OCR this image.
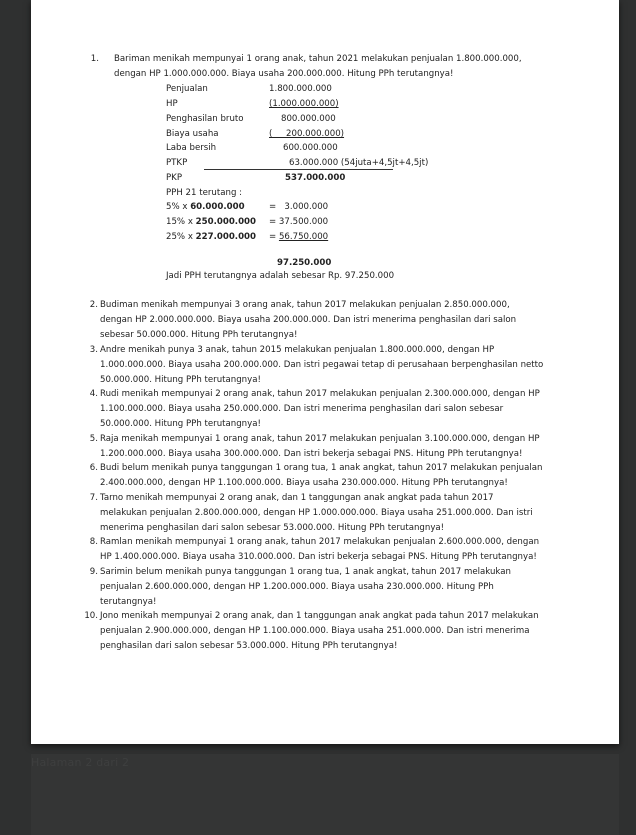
1. Bariman menikah mempunyai 1 orang anak, tahun 2021 melakukan penjualan 1.800.000.000,
dengan HP 1.000.000.000. Biaya usaha 200.000.000. Hitung PPh terutangnya!
Penjualan	1.800.000.000
HP	(1.000.000.000)
Penghasilan bruto	800.000.000
Biaya usaha	(     200.000.000)
Laba bersih	600.000.000
PTKP	63.000.000 (54juta+4,5jt+4,5jt)
PKP	537.000.000
PPH 21 terutang :
5% x 60.000.000	=   3.000.000
15% x 250.000.000 = 37.500.000
25% x 227.000.000 = 56.750.000
97.250.000
Jadi PPH terutangnya adalah sebesar Rp. 97.250.000
2. Budiman menikah mempunyai 3 orang anak, tahun 2017 melakukan penjualan 2.850.000.000,
dengan HP 2.000.000.000. Biaya usaha 200.000.000. Dan istri menerima penghasilan dari salon
sebesar 50.000.000. Hitung PPh terutangnya!
3. Andre menikah punya 3 anak, tahun 2015 melakukan penjualan 1.800.000.000, dengan HP
1.000.000.000. Biaya usaha 200.000.000. Dan istri pegawai tetap di perusahaan berpenghasilan netto
50.000.000. Hitung PPh terutangnya!
4. Rudi menikah mempunyai 2 orang anak, tahun 2017 melakukan penjualan 2.300.000.000, dengan HP
1.100.000.000. Biaya usaha 250.000.000. Dan istri menerima penghasilan dari salon sebesar
50.000.000. Hitung PPh terutangnya!
5. Raja menikah mempunyai 1 orang anak, tahun 2017 melakukan penjualan 3.100.000.000, dengan HP
1.200.000.000. Biaya usaha 300.000.000. Dan istri bekerja sebagai PNS. Hitung PPh terutangnya!
6. Budi belum menikah punya tanggungan 1 orang tua, 1 anak angkat, tahun 2017 melakukan penjualan
2.400.000.000, dengan HP 1.100.000.000. Biaya usaha 230.000.000. Hitung PPh terutangnya!
7. Tarno menikah mempunyai 2 orang anak, dan 1 tanggungan anak angkat pada tahun 2017
melakukan penjualan 2.800.000.000, dengan HP 1.000.000.000. Biaya usaha 251.000.000. Dan istri
menerima penghasilan dari salon sebesar 53.000.000. Hitung PPh terutangnya!
8. Ramlan menikah mempunyai 1 orang anak, tahun 2017 melakukan penjualan 2.600.000.000, dengan
HP 1.400.000.000. Biaya usaha 310.000.000. Dan istri bekerja sebagai PNS. Hitung PPh terutangnya!
9. Sarimin belum menikah punya tanggungan 1 orang tua, 1 anak angkat, tahun 2017 melakukan
penjualan 2.600.000.000, dengan HP 1.200.000.000. Biaya usaha 230.000.000. Hitung PPh
terutangnya!
10. Jono menikah mempunyai 2 orang anak, dan 1 tanggungan anak angkat pada tahun 2017 melakukan
penjualan 2.900.000.000, dengan HP 1.100.000.000. Biaya usaha 251.000.000. Dan istri menerima
penghasilan dari salon sebesar 53.000.000. Hitung PPh terutangnya!
Halaman 2 dari 2
